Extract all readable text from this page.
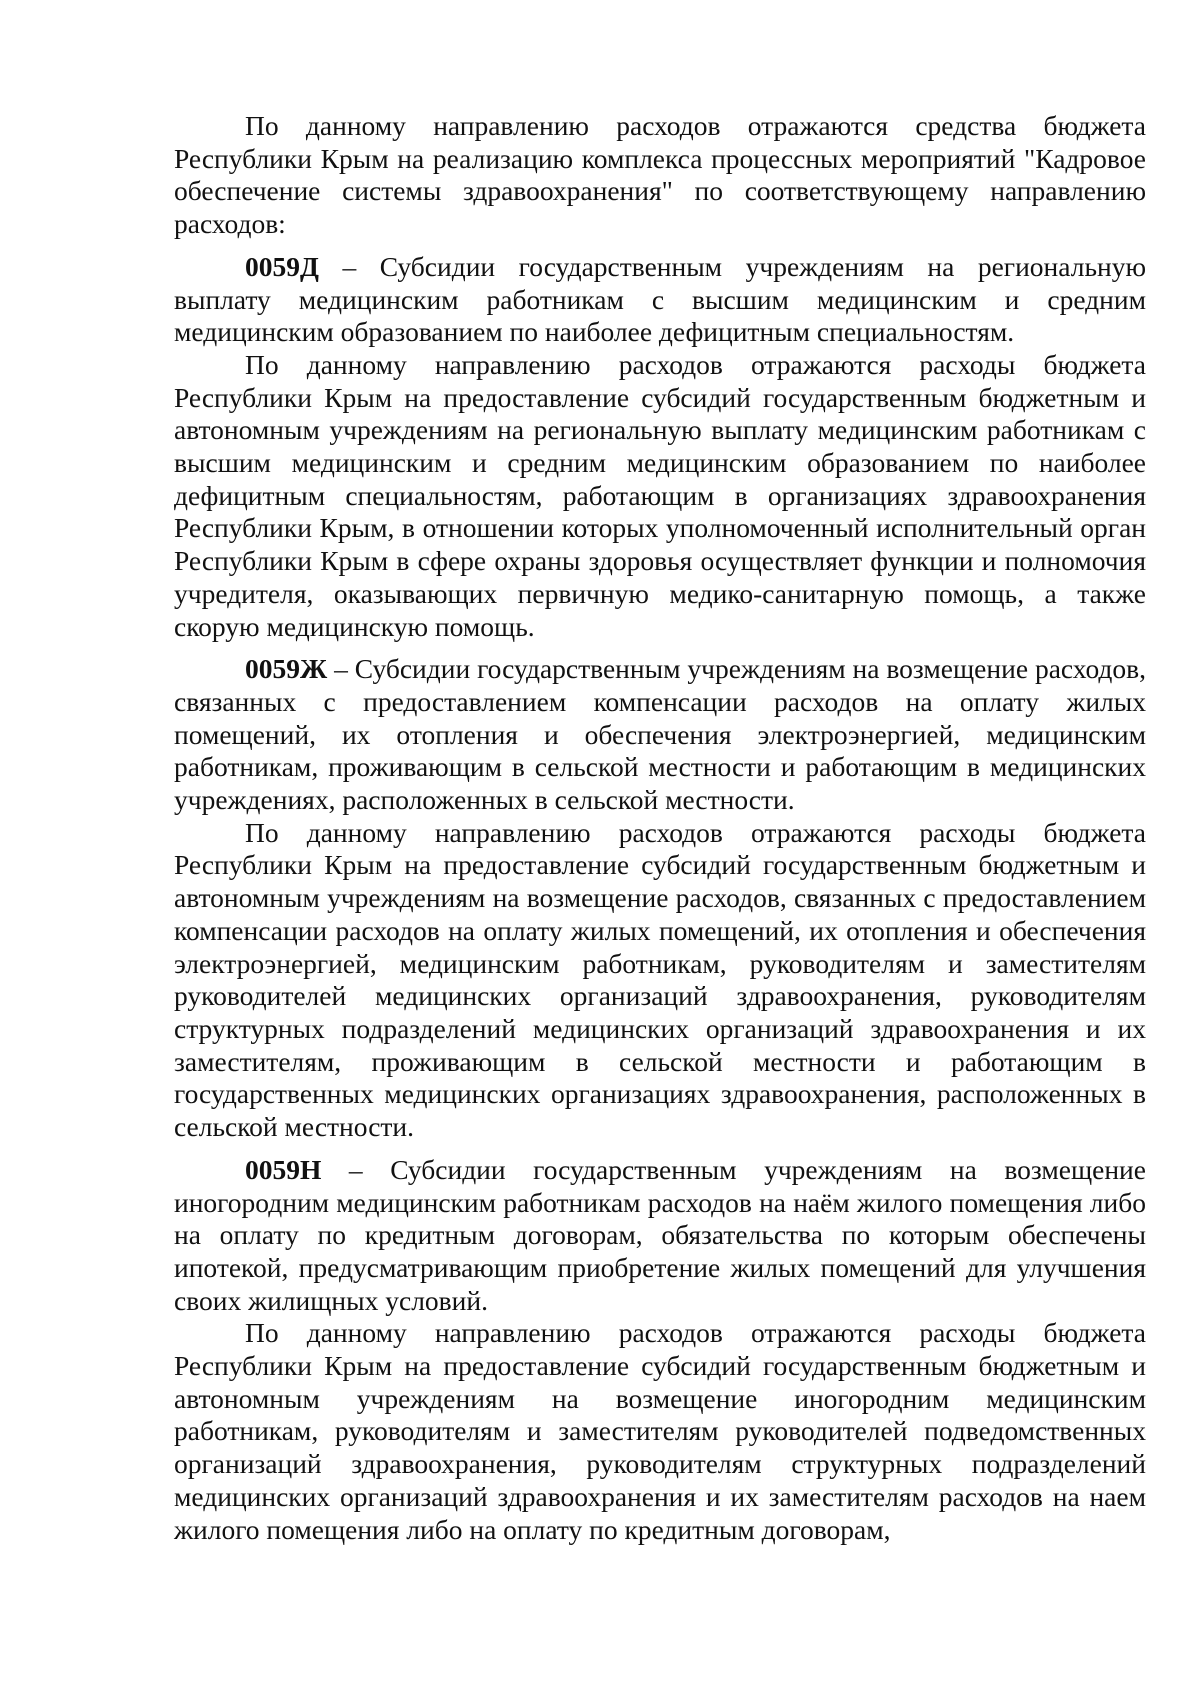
По данному направлению расходов отражаются средства бюджета Республики Крым на реализацию комплекса процессных мероприятий "Кадровое обеспечение системы здравоохранения" по соответствующему направлению расходов:

0059Д – Субсидии государственным учреждениям на региональную выплату медицинским работникам с высшим медицинским и средним медицинским образованием по наиболее дефицитным специальностям.

По данному направлению расходов отражаются расходы бюджета Республики Крым на предоставление субсидий государственным бюджетным и автономным учреждениям на региональную выплату медицинским работникам с высшим медицинским и средним медицинским образованием по наиболее дефицитным специальностям, работающим в организациях здравоохранения Республики Крым, в отношении которых уполномоченный исполнительный орган Республики Крым в сфере охраны здоровья осуществляет функции и полномочия учредителя, оказывающих первичную медико-санитарную помощь, а также скорую медицинскую помощь.

0059Ж – Субсидии государственным учреждениям на возмещение расходов, связанных с предоставлением компенсации расходов на оплату жилых помещений, их отопления и обеспечения электроэнергией, медицинским работникам, проживающим в сельской местности и работающим в медицинских учреждениях, расположенных в сельской местности.

По данному направлению расходов отражаются расходы бюджета Республики Крым на предоставление субсидий государственным бюджетным и автономным учреждениям на возмещение расходов, связанных с предоставлением компенсации расходов на оплату жилых помещений, их отопления и обеспечения электроэнергией, медицинским работникам, руководителям и заместителям руководителей медицинских организаций здравоохранения, руководителям структурных подразделений медицинских организаций здравоохранения и их заместителям, проживающим в сельской местности и работающим в государственных медицинских организациях здравоохранения, расположенных в сельской местности.

0059Н – Субсидии государственным учреждениям на возмещение иногородним медицинским работникам расходов на наём жилого помещения либо на оплату по кредитным договорам, обязательства по которым обеспечены ипотекой, предусматривающим приобретение жилых помещений для улучшения своих жилищных условий.

По данному направлению расходов отражаются расходы бюджета Республики Крым на предоставление субсидий государственным бюджетным и автономным учреждениям на возмещение иногородним медицинским работникам, руководителям и заместителям руководителей подведомственных организаций здравоохранения, руководителям структурных подразделений медицинских организаций здравоохранения и их заместителям расходов на наем жилого помещения либо на оплату по кредитным договорам,
